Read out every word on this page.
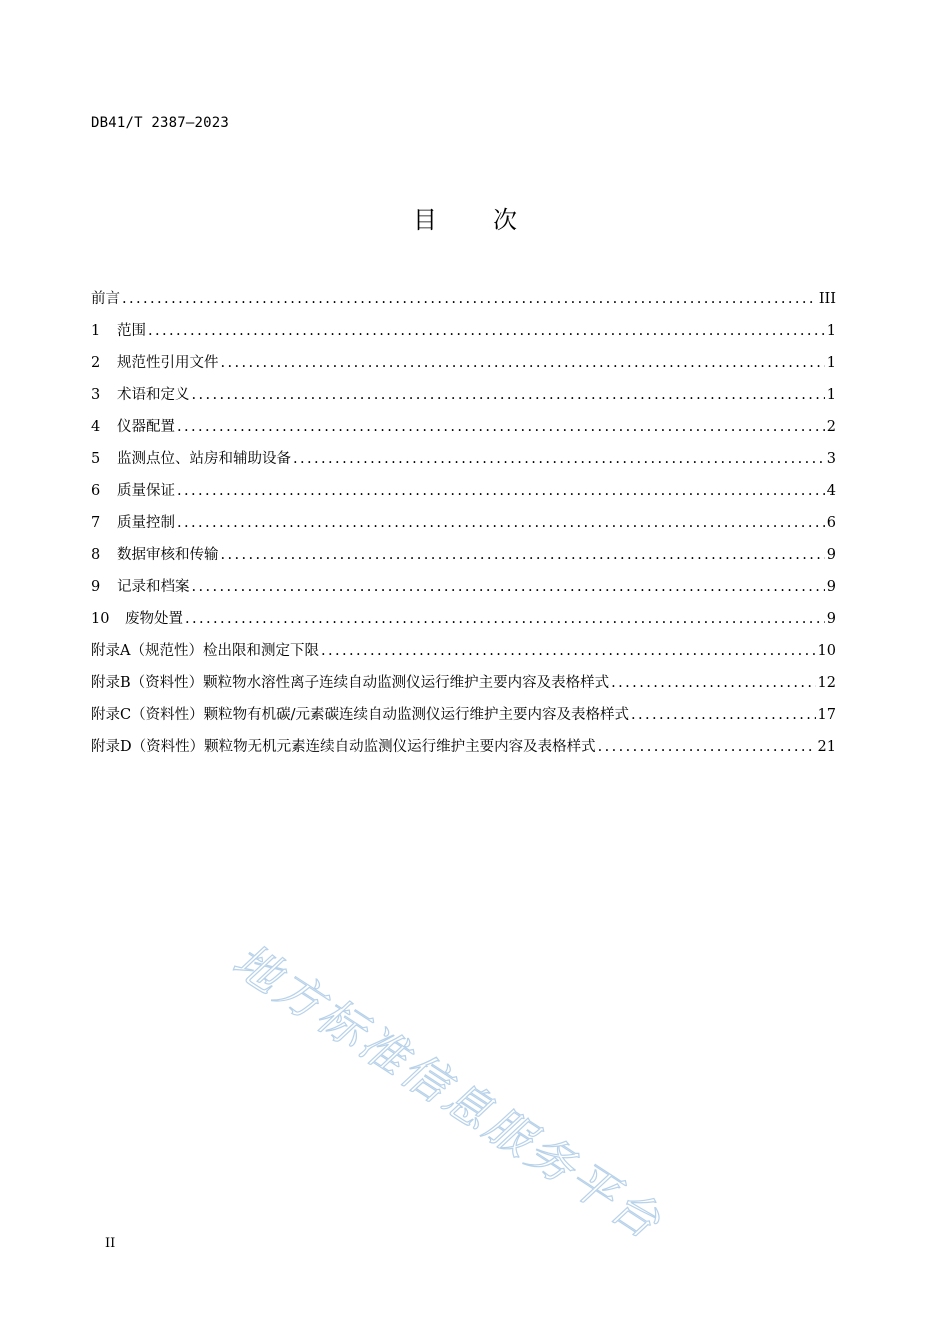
DB41/T 2387—2023
目 次
前言 .....	III
1	范围 .....	1
2	规范性引用文件 .....	1
3	术语和定义 .....	1
4	仪器配置 .....	2
5	监测点位、站房和辅助设备 .....	3
6	质量保证 .....	4
7	质量控制 .....	6
8	数据审核和传输 .....	9
9	记录和档案 .....	9
10	废物处置 .....	9
附录A（规范性） 检出限和测定下限 .....	10
附录B（资料性） 颗粒物水溶性离子连续自动监测仪运行维护主要内容及表格样式 .....	12
附录C（资料性） 颗粒物有机碳/元素碳连续自动监测仪运行维护主要内容及表格样式 .....	17
附录D（资料性） 颗粒物无机元素连续自动监测仪运行维护主要内容及表格样式 .....	21
地方标准信息服务平台
II
